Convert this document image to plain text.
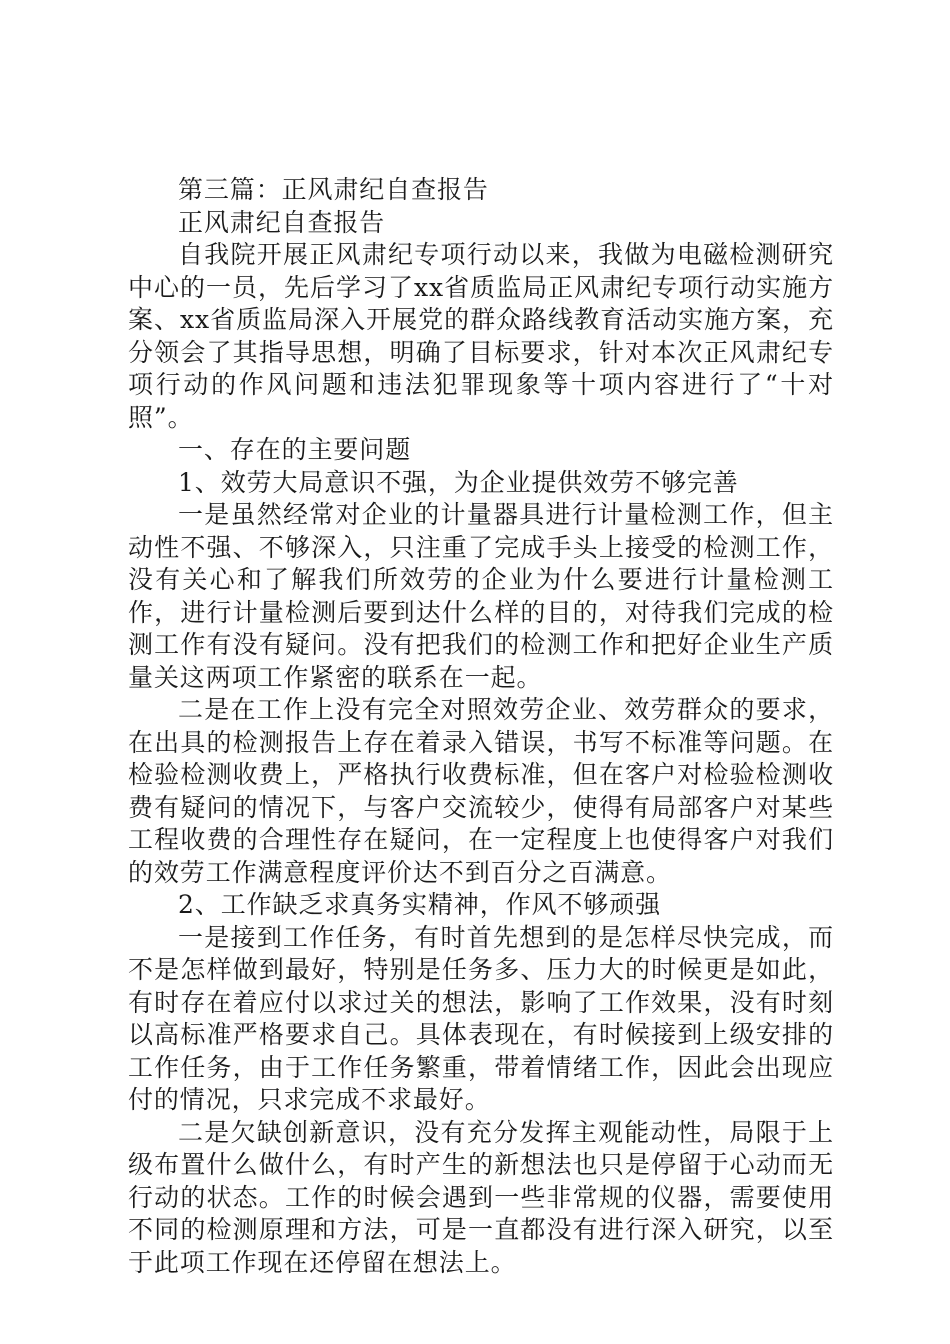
第三篇：正风肃纪自查报告

正风肃纪自查报告

自我院开展正风肃纪专项行动以来，我做为电磁检测研究中心的一员，先后学习了xx省质监局正风肃纪专项行动实施方案、xx省质监局深入开展党的群众路线教育活动实施方案，充分领会了其指导思想，明确了目标要求，针对本次正风肃纪专项行动的作风问题和违法犯罪现象等十项内容进行了“十对照”。

一、存在的主要问题

1、效劳大局意识不强，为企业提供效劳不够完善

一是虽然经常对企业的计量器具进行计量检测工作，但主动性不强、不够深入，只注重了完成手头上接受的检测工作，没有关心和了解我们所效劳的企业为什么要进行计量检测工作，进行计量检测后要到达什么样的目的，对待我们完成的检测工作有没有疑问。没有把我们的检测工作和把好企业生产质量关这两项工作紧密的联系在一起。

二是在工作上没有完全对照效劳企业、效劳群众的要求，在出具的检测报告上存在着录入错误，书写不标准等问题。在检验检测收费上，严格执行收费标准，但在客户对检验检测收费有疑问的情况下，与客户交流较少，使得有局部客户对某些工程收费的合理性存在疑问，在一定程度上也使得客户对我们的效劳工作满意程度评价达不到百分之百满意。

2、工作缺乏求真务实精神，作风不够顽强

一是接到工作任务，有时首先想到的是怎样尽快完成，而不是怎样做到最好，特别是任务多、压力大的时候更是如此，有时存在着应付以求过关的想法，影响了工作效果，没有时刻以高标准严格要求自己。具体表现在，有时候接到上级安排的工作任务，由于工作任务繁重，带着情绪工作，因此会出现应付的情况，只求完成不求最好。

二是欠缺创新意识，没有充分发挥主观能动性，局限于上级布置什么做什么，有时产生的新想法也只是停留于心动而无行动的状态。工作的时候会遇到一些非常规的仪器，需要使用不同的检测原理和方法，可是一直都没有进行深入研究，以至于此项工作现在还停留在想法上。
